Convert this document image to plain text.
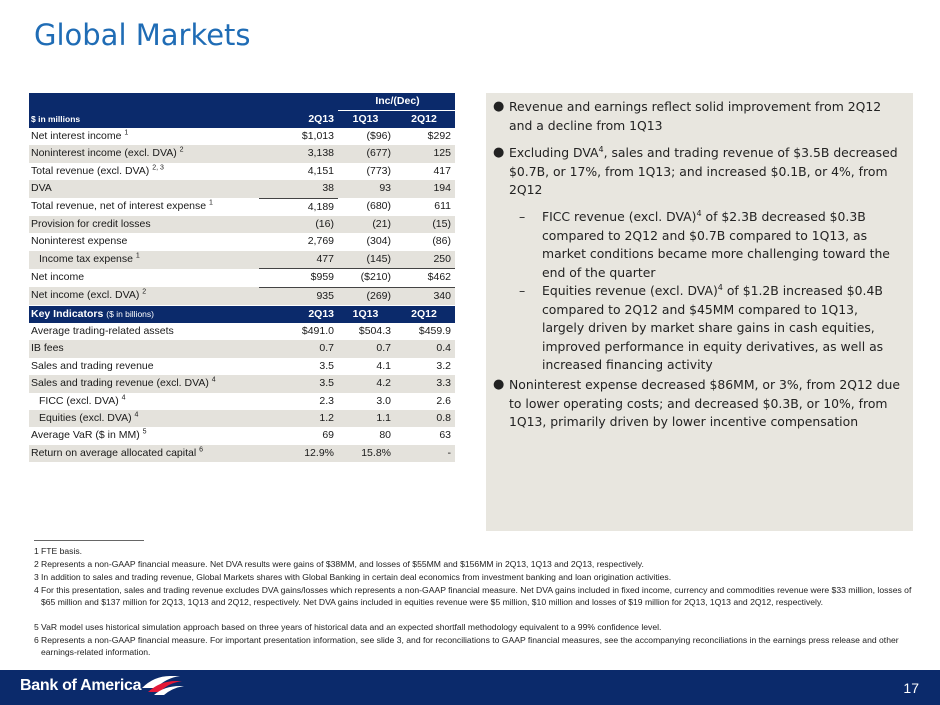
Global Markets
		Inc/(Dec)	
$ in millions	2Q13	1Q13	2Q12
Net interest income $^1$	$1,013	($96)	$292
Noninterest income (excl. DVA) $^2$	3,138	(677)	125
Total revenue (excl. DVA) $^{2, 3}$	4,151	(773)	417
DVA	38	93	194
Total revenue, net of interest expense $^1$	4,189	(680)	611
Provision for credit losses	(16)	(21)	(15)
Noninterest expense	2,769	(304)	(86)
Income tax expense $^1$	477	(145)	250
Net income	$959	($210)	$462
Net income (excl. DVA) $^2$	935	(269)	340
Key Indicators ($ in billions)	2Q13	1Q13	2Q12
Average trading-related assets	$491.0	$504.3	$459.9
IB fees	0.7	0.7	0.4
Sales and trading revenue	3.5	4.1	3.2
Sales and trading revenue (excl. DVA) $^4$	3.5	4.2	3.3
FICC (excl. DVA) $^4$	2.3	3.0	2.6
Equities (excl. DVA) $^4$	1.2	1.1	0.8
Average VaR ($ in MM) $^5$	69	80	63
Return on average allocated capital $^6$	12.9%	15.8%	-
● Revenue and earnings reflect solid improvement from 2Q12 and a decline from 1Q13
● Excluding DVA$^4$, sales and trading revenue of $3.5B decreased $0.7B, or 17%, from 1Q13; and increased $0.1B, or 4%, from 2Q12
– FICC revenue (excl. DVA)$^4$ of $2.3B decreased $0.3B compared to 2Q12 and $0.7B compared to 1Q13, as market conditions became more challenging toward the end of the quarter
– Equities revenue (excl. DVA)$^4$ of $1.2B increased $0.4B compared to 2Q12 and $45MM compared to 1Q13, largely driven by market share gains in cash equities, improved performance in equity derivatives, as well as increased financing activity
● Noninterest expense decreased $86MM, or 3%, from 2Q12 due to lower operating costs; and decreased $0.3B, or 10%, from 1Q13, primarily driven by lower incentive compensation
1 FTE basis.
2 Represents a non-GAAP financial measure. Net DVA results were gains of $38MM, and losses of $55MM and $156MM in 2Q13, 1Q13 and 2Q13, respectively.
3 In addition to sales and trading revenue, Global Markets shares with Global Banking in certain deal economics from investment banking and loan origination activities.
4 For this presentation, sales and trading revenue excludes DVA gains/losses which represents a non-GAAP financial measure. Net DVA gains included in fixed income, currency and commodities revenue were $33 million, losses of $65 million and $137 million for 2Q13, 1Q13 and 2Q12, respectively. Net DVA gains included in equities revenue were $5 million, $10 million and losses of $19 million for 2Q13, 1Q13 and 2Q12, respectively.
5 VaR model uses historical simulation approach based on three years of historical data and an expected shortfall methodology equivalent to a 99% confidence level.
6 Represents a non-GAAP financial measure. For important presentation information, see slide 3, and for reconciliations to GAAP financial measures, see the accompanying reconciliations in the earnings press release and other earnings-related information.
Bank of America	17
